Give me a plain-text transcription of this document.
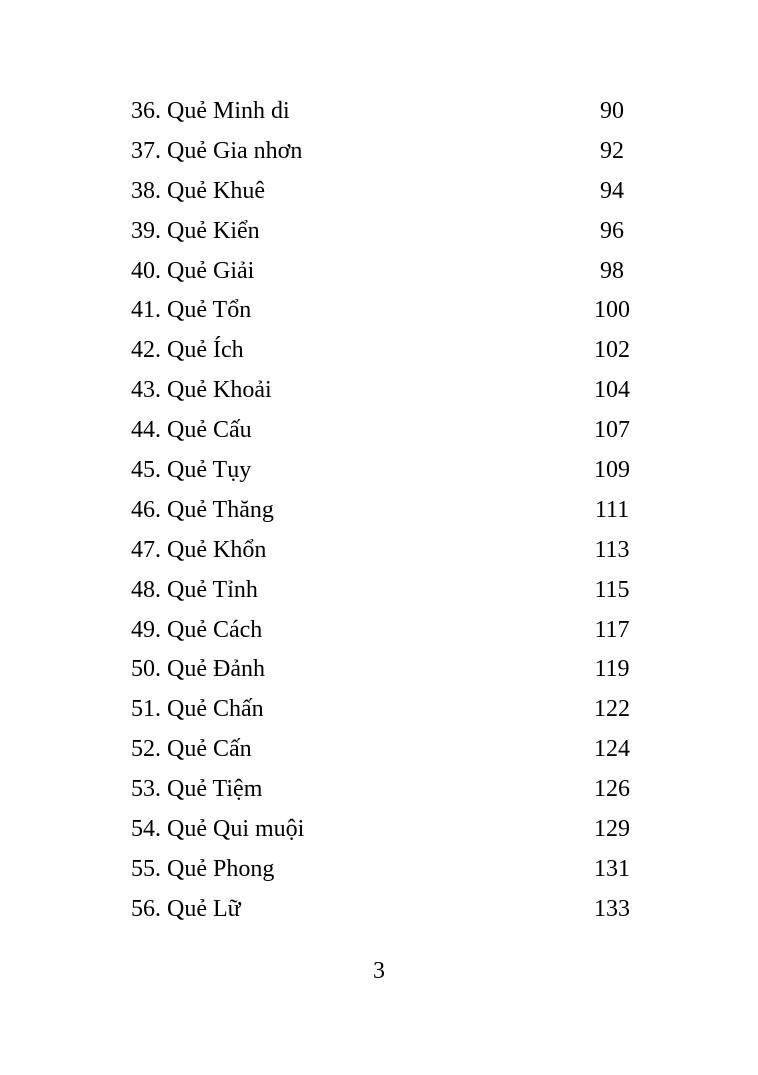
36. Quẻ Minh di	90
37. Quẻ Gia nhơn	92
38. Quẻ Khuê	94
39. Quẻ Kiển	96
40. Quẻ Giải	98
41. Quẻ Tổn	100
42. Quẻ Ích	102
43. Quẻ Khoải	104
44. Quẻ Cấu	107
45. Quẻ Tụy	109
46. Quẻ Thăng	111
47. Quẻ Khổn	113
48. Quẻ Tỉnh	115
49. Quẻ Cách	117
50. Quẻ Đảnh	119
51. Quẻ Chấn	122
52. Quẻ Cấn	124
53. Quẻ Tiệm	126
54. Quẻ Qui muội	129
55. Quẻ Phong	131
56. Quẻ Lữ	133
3
